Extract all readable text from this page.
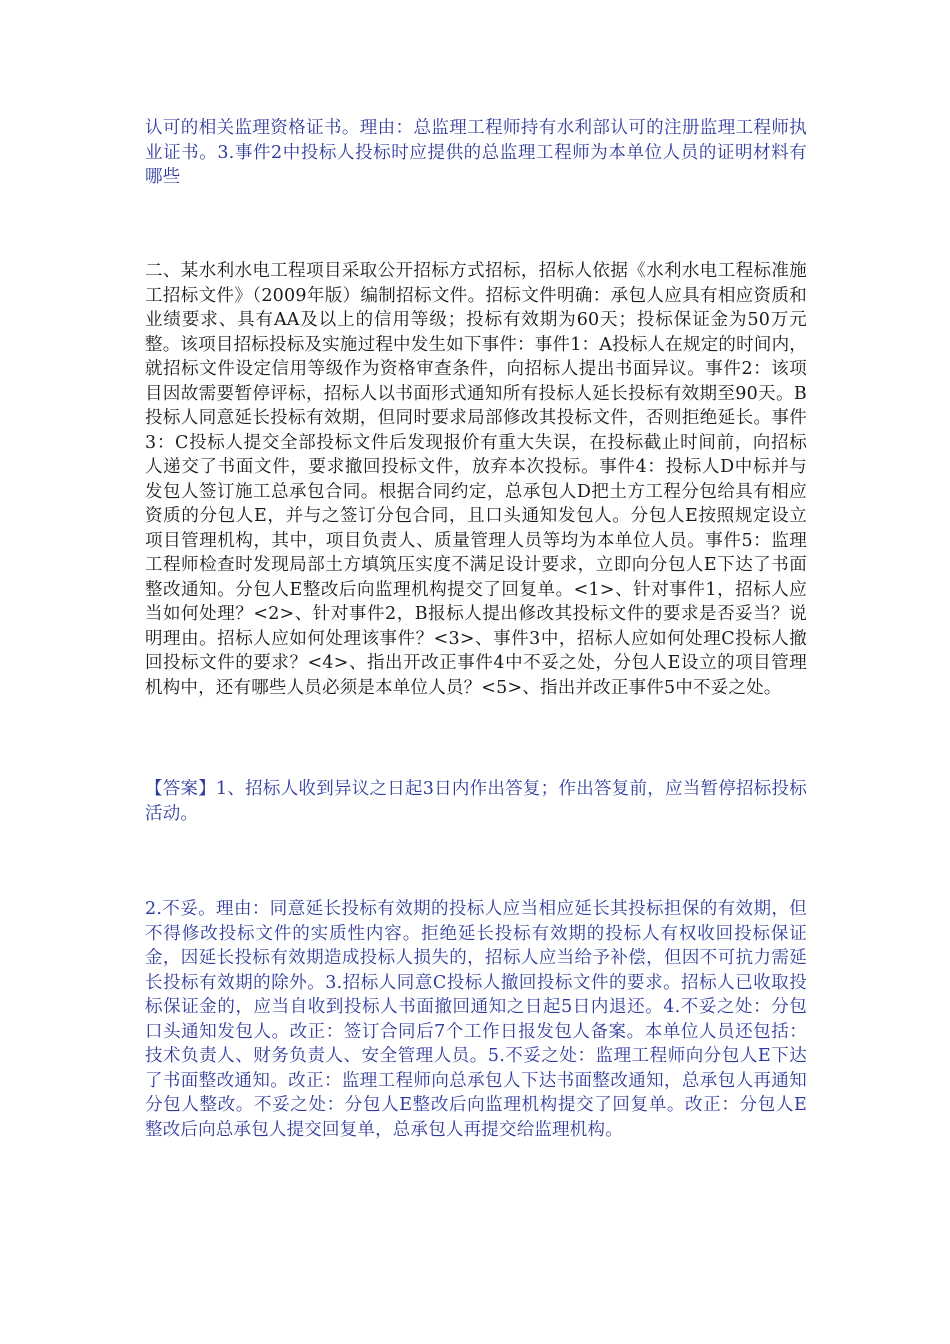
认可的相关监理资格证书。理由：总监理工程师持有水利部认可的注册监理工程师执业证书。3.事件2中投标人投标时应提供的总监理工程师为本单位人员的证明材料有哪些

二、某水利水电工程项目采取公开招标方式招标，招标人依据《水利水电工程标准施工招标文件》（2009年版）编制招标文件。招标文件明确：承包人应具有相应资质和业绩要求、具有AA及以上的信用等级；投标有效期为60天；投标保证金为50万元整。该项目招标投标及实施过程中发生如下事件：事件1：A投标人在规定的时间内，就招标文件设定信用等级作为资格审查条件，向招标人提出书面异议。事件2：该项目因故需要暂停评标，招标人以书面形式通知所有投标人延长投标有效期至90天。B投标人同意延长投标有效期，但同时要求局部修改其投标文件，否则拒绝延长。事件3：C投标人提交全部投标文件后发现报价有重大失误，在投标截止时间前，向招标人递交了书面文件，要求撤回投标文件，放弃本次投标。事件4：投标人D中标并与发包人签订施工总承包合同。根据合同约定，总承包人D把土方工程分包给具有相应资质的分包人E，并与之签订分包合同，且口头通知发包人。分包人E按照规定设立项目管理机构，其中，项目负责人、质量管理人员等均为本单位人员。事件5：监理工程师检查时发现局部土方填筑压实度不满足设计要求，立即向分包人E下达了书面整改通知。分包人E整改后向监理机构提交了回复单。<1>、针对事件1，招标人应当如何处理？<2>、针对事件2，B报标人提出修改其投标文件的要求是否妥当？说明理由。招标人应如何处理该事件？<3>、事件3中，招标人应如何处理C投标人撤回投标文件的要求？<4>、指出开改正事件4中不妥之处，分包人E设立的项目管理机构中，还有哪些人员必须是本单位人员？<5>、指出并改正事件5中不妥之处。

【答案】1、招标人收到异议之日起3日内作出答复；作出答复前，应当暂停招标投标活动。

2.不妥。理由：同意延长投标有效期的投标人应当相应延长其投标担保的有效期，但不得修改投标文件的实质性内容。拒绝延长投标有效期的投标人有权收回投标保证金，因延长投标有效期造成投标人损失的，招标人应当给予补偿，但因不可抗力需延长投标有效期的除外。3.招标人同意C投标人撤回投标文件的要求。招标人已收取投标保证金的，应当自收到投标人书面撤回通知之日起5日内退还。4.不妥之处：分包口头通知发包人。改正：签订合同后7个工作日报发包人备案。本单位人员还包括：技术负责人、财务负责人、安全管理人员。5.不妥之处：监理工程师向分包人E下达了书面整改通知。改正：监理工程师向总承包人下达书面整改通知，总承包人再通知分包人整改。不妥之处：分包人E整改后向监理机构提交了回复单。改正：分包人E整改后向总承包人提交回复单，总承包人再提交给监理机构。
